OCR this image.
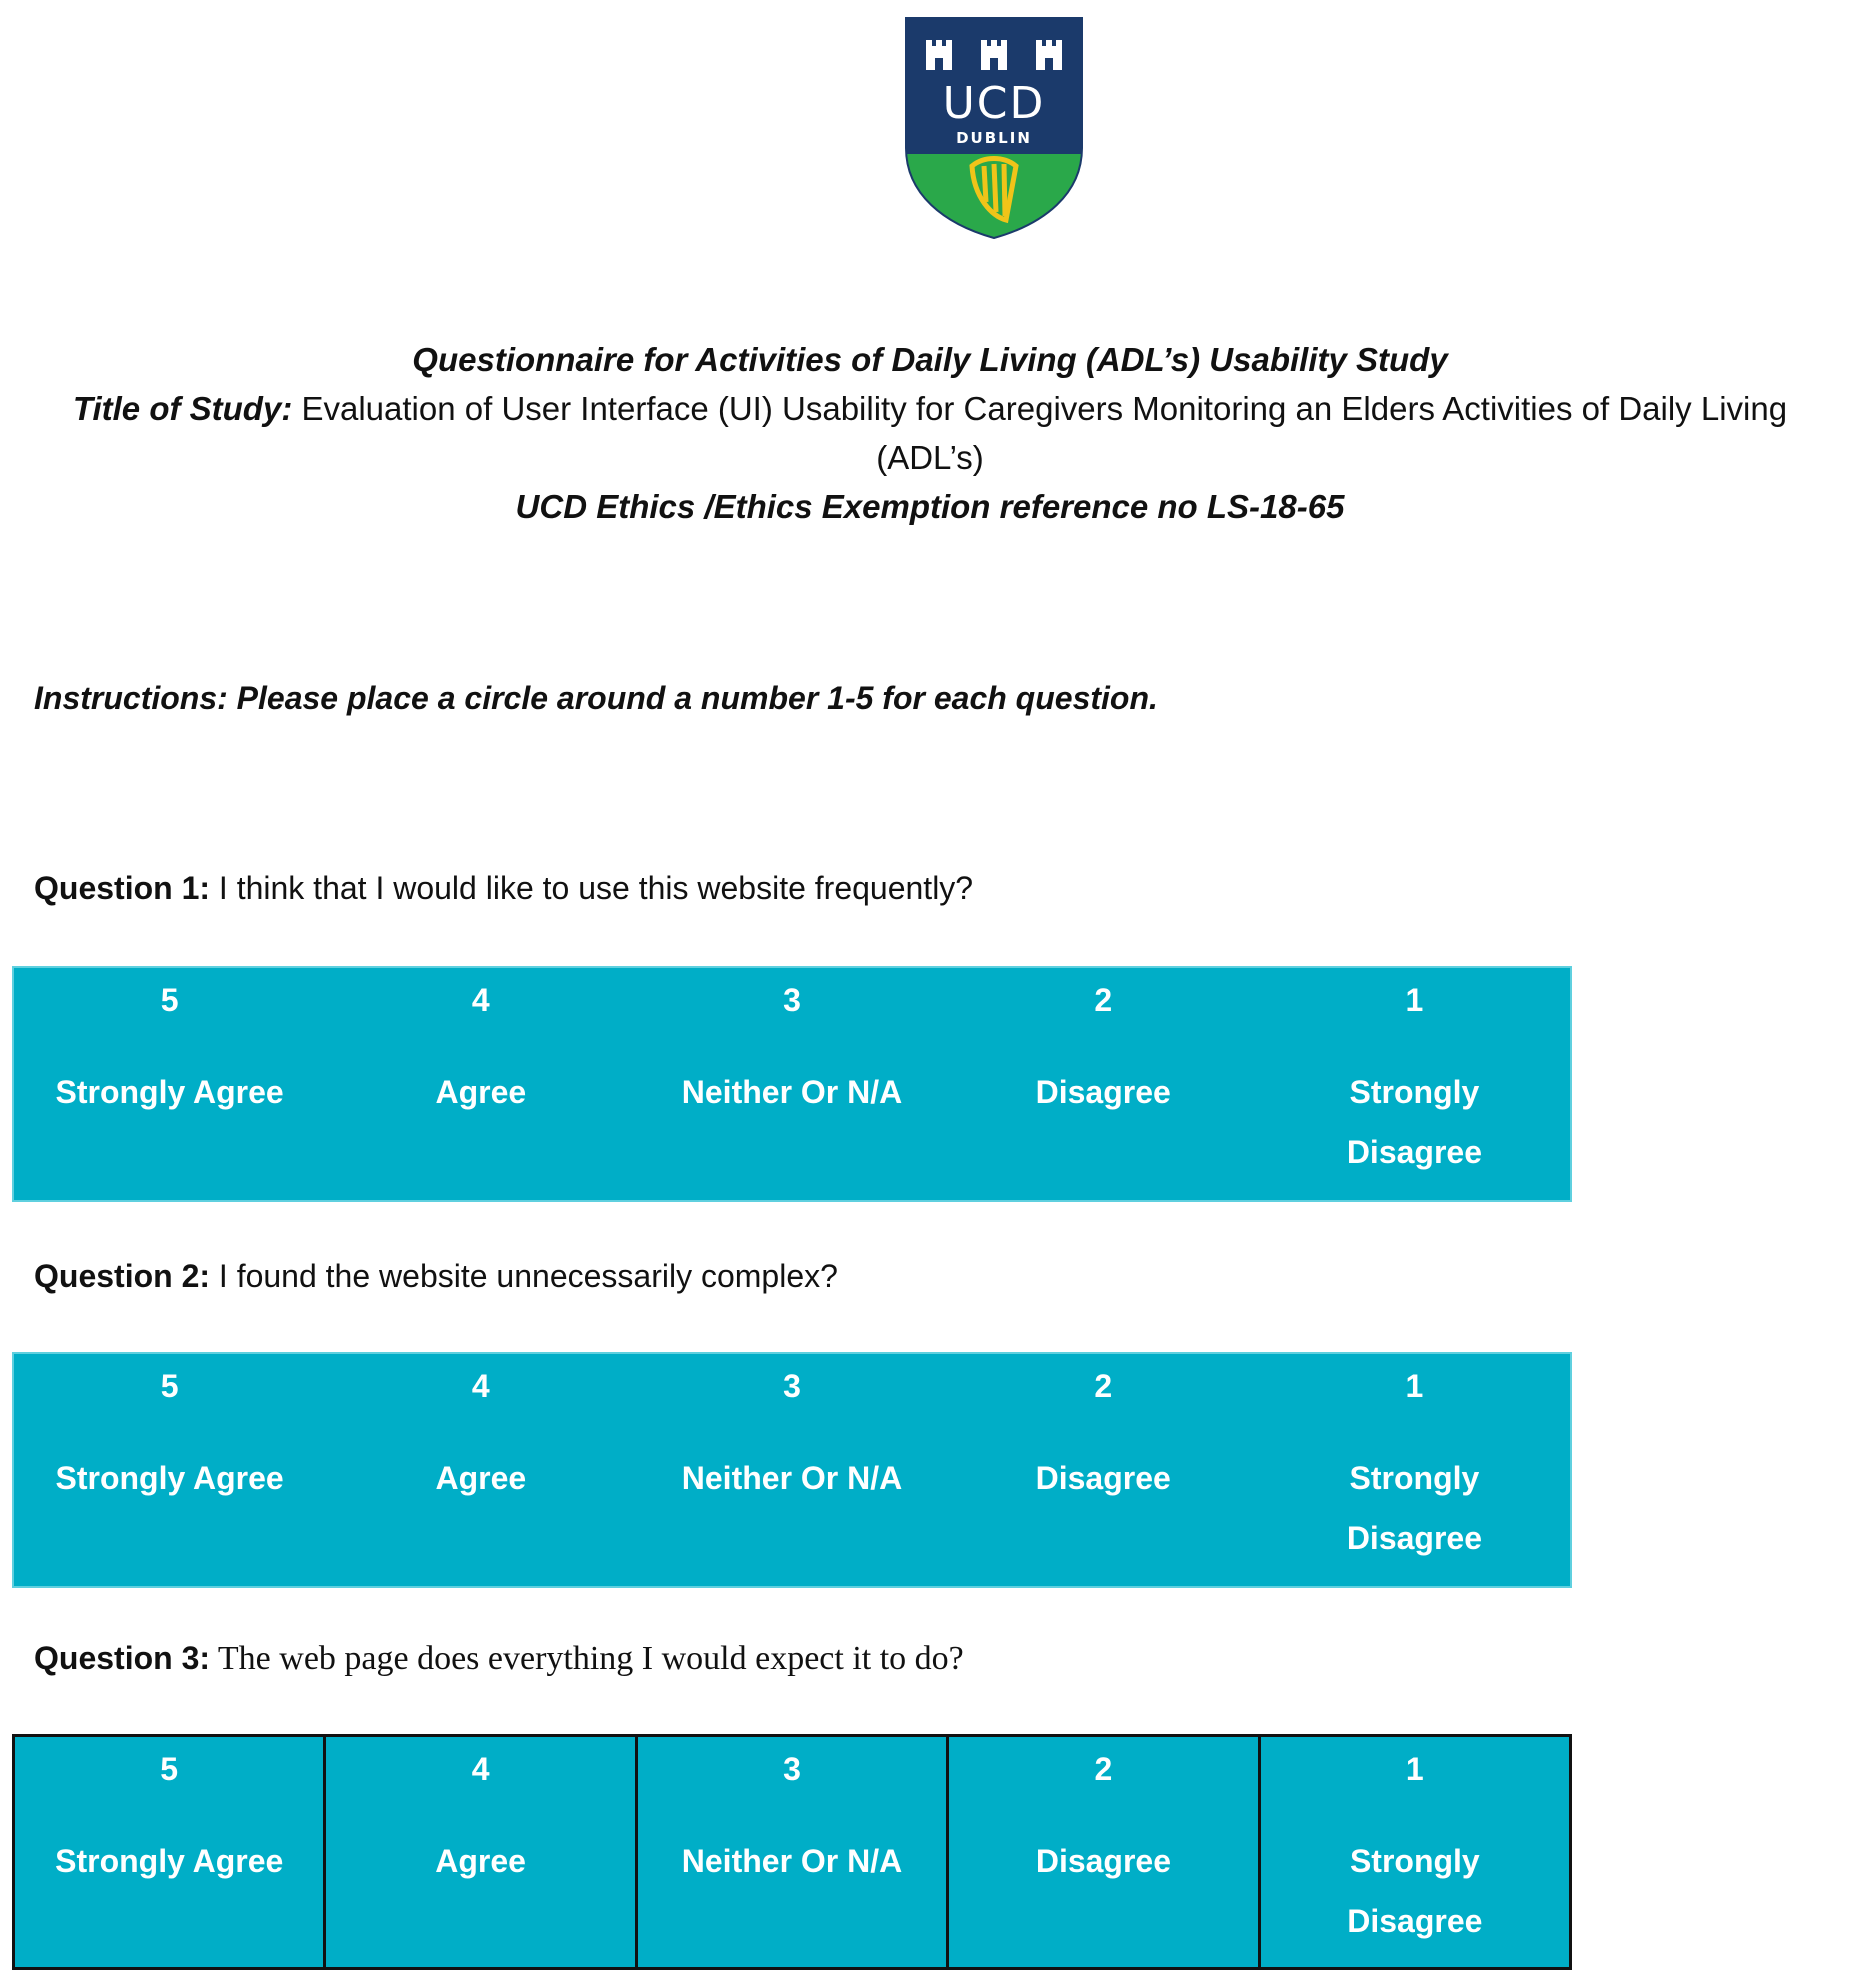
UCD
DUBLIN
Questionnaire for Activities of Daily Living (ADL’s) Usability Study
Title of Study: Evaluation of User Interface (UI) Usability for Caregivers Monitoring an Elders Activities of Daily Living (ADL’s)
UCD Ethics /Ethics Exemption reference no LS-18-65
Instructions: Please place a circle around a number 1-5 for each question.
Question 1: I think that I would like to use this website frequently?
5
Strongly Agree
4
Agree
3
Neither Or N/A
2
Disagree
1
Strongly Disagree
Question 2: I found the website unnecessarily complex?
5
Strongly Agree
4
Agree
3
Neither Or N/A
2
Disagree
1
Strongly Disagree
Question 3: The web page does everything I would expect it to do?
5
Strongly Agree
4
Agree
3
Neither Or N/A
2
Disagree
1
Strongly Disagree
